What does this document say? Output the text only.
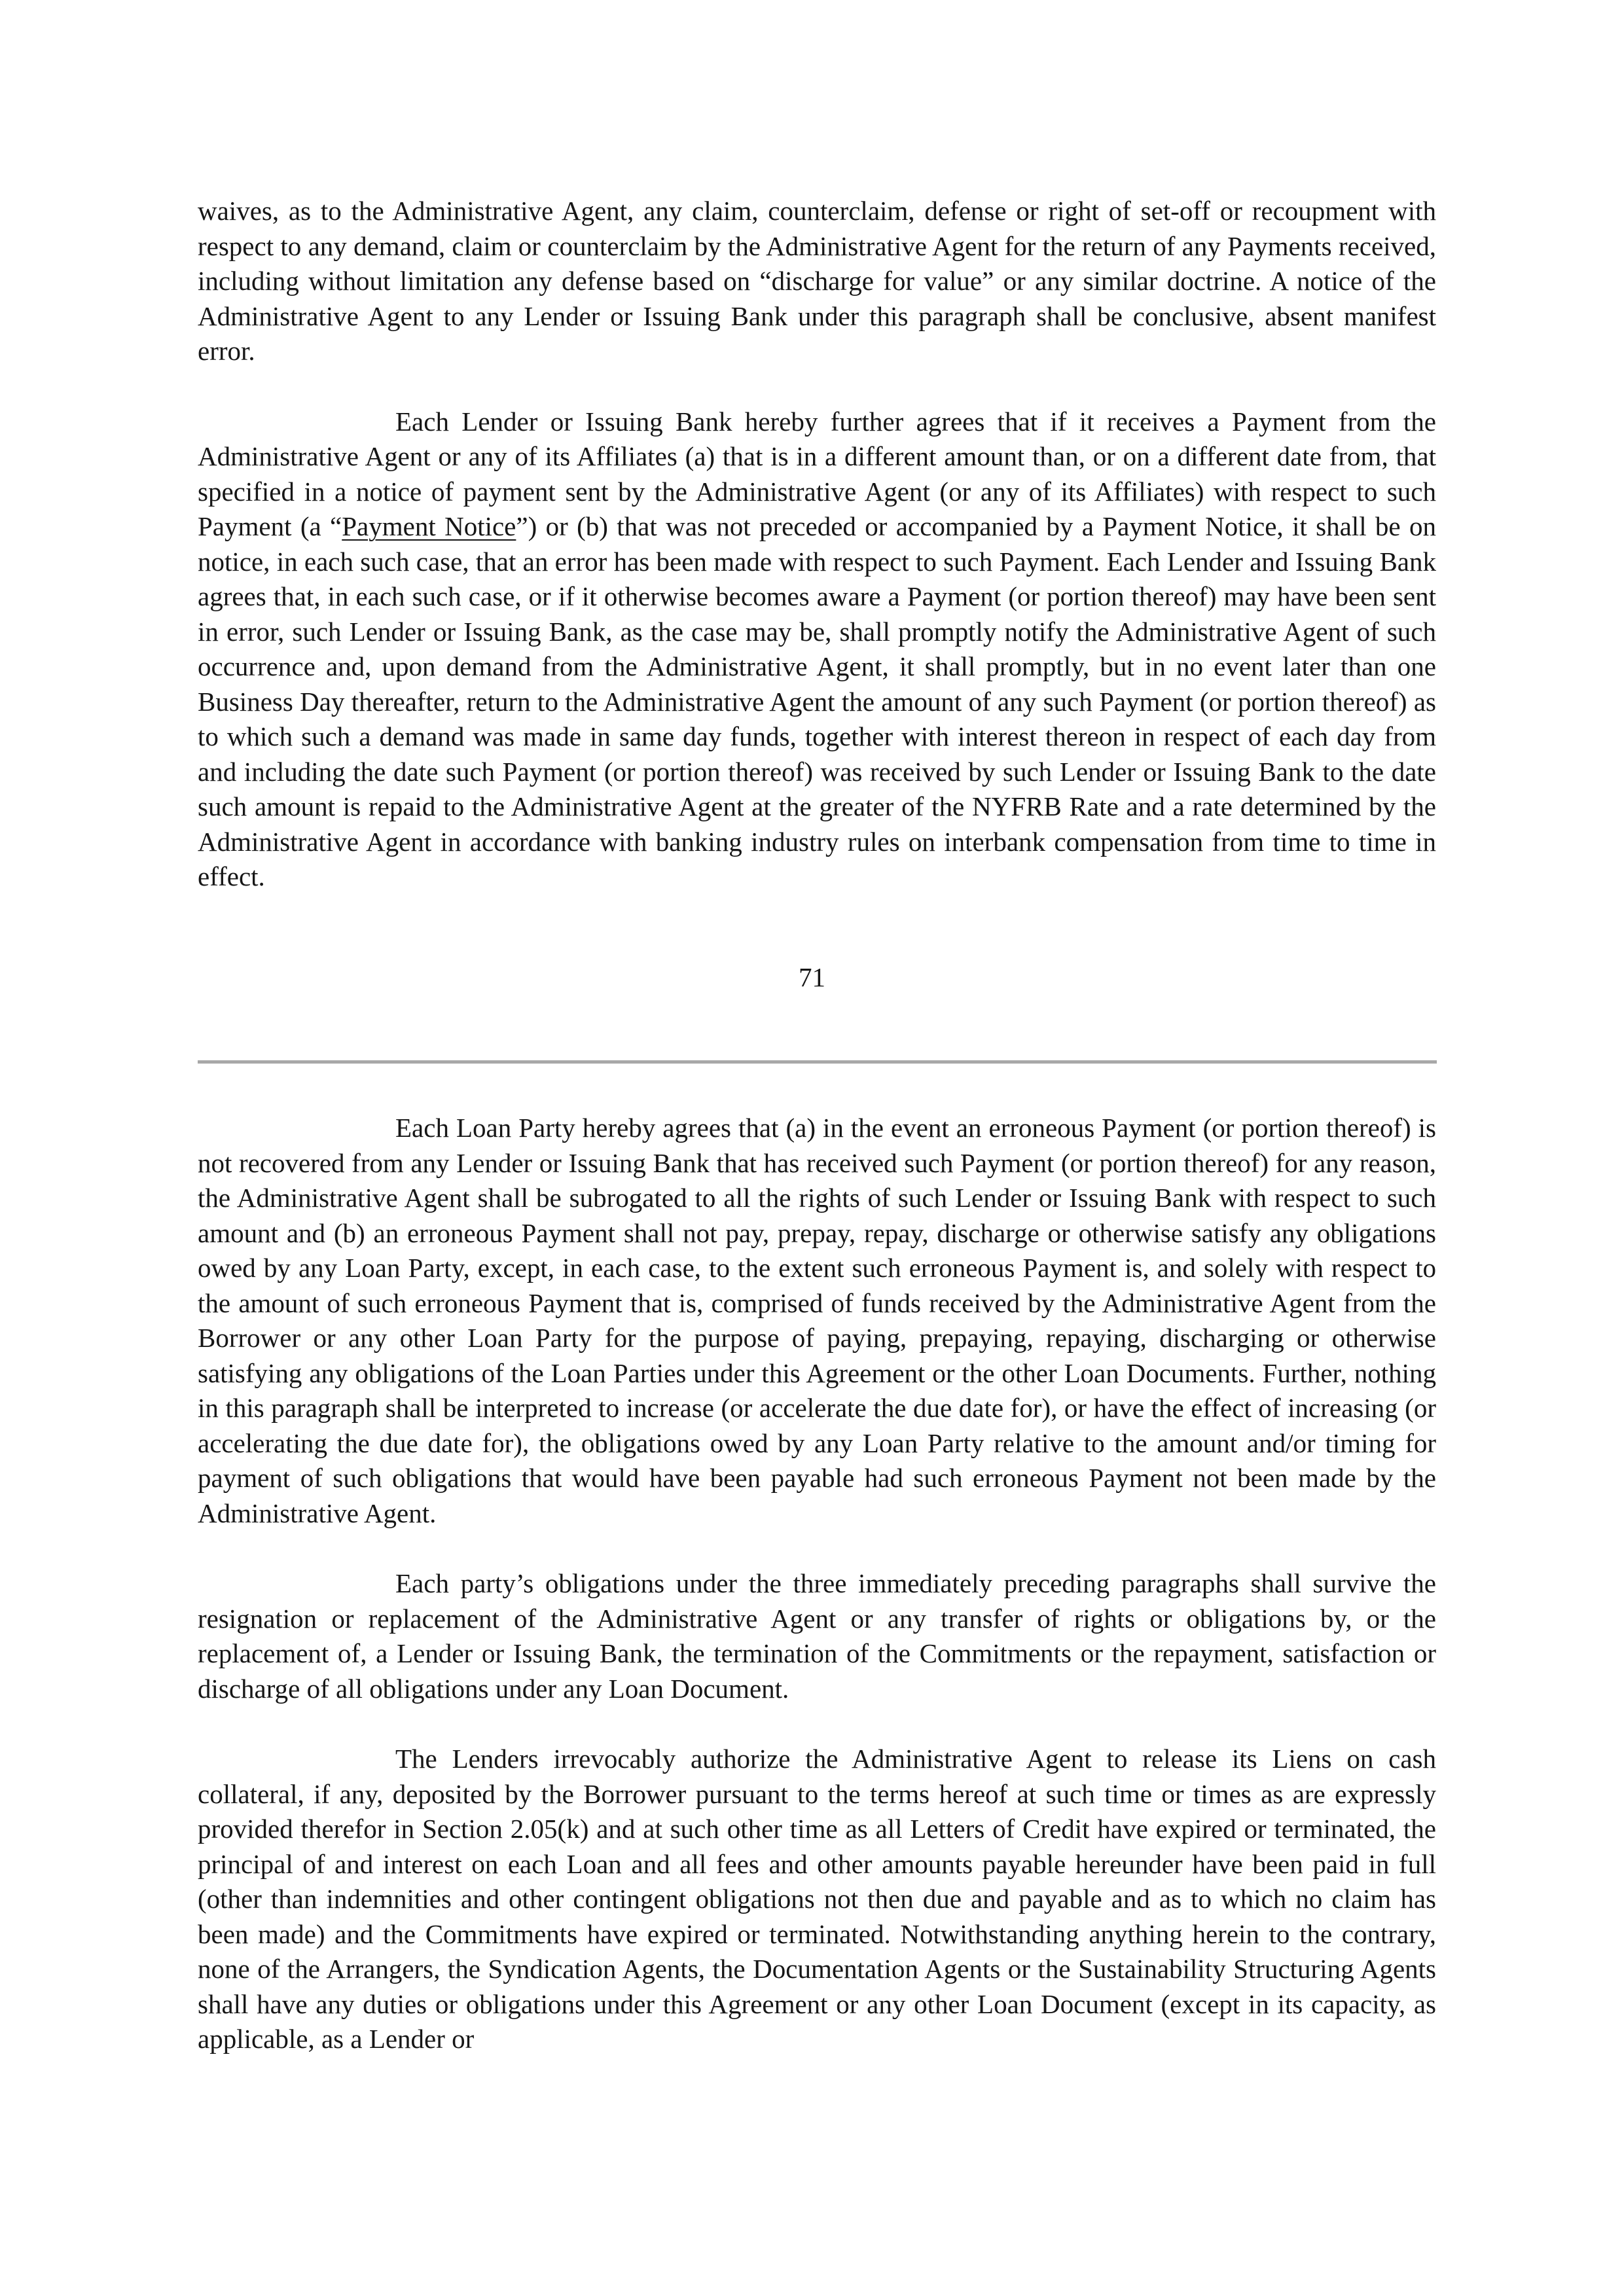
waives, as to the Administrative Agent, any claim, counterclaim, defense or right of set-off or recoupment with respect to any demand, claim or counterclaim by the Administrative Agent for the return of any Payments received, including without limitation any defense based on “discharge for value” or any similar doctrine. A notice of the Administrative Agent to any Lender or Issuing Bank under this paragraph shall be conclusive, absent manifest error.

Each Lender or Issuing Bank hereby further agrees that if it receives a Payment from the Administrative Agent or any of its Affiliates (a) that is in a different amount than, or on a different date from, that specified in a notice of payment sent by the Administrative Agent (or any of its Affiliates) with respect to such Payment (a “Payment Notice”) or (b) that was not preceded or accompanied by a Payment Notice, it shall be on notice, in each such case, that an error has been made with respect to such Payment. Each Lender and Issuing Bank agrees that, in each such case, or if it otherwise becomes aware a Payment (or portion thereof) may have been sent in error, such Lender or Issuing Bank, as the case may be, shall promptly notify the Administrative Agent of such occurrence and, upon demand from the Administrative Agent, it shall promptly, but in no event later than one Business Day thereafter, return to the Administrative Agent the amount of any such Payment (or portion thereof) as to which such a demand was made in same day funds, together with interest thereon in respect of each day from and including the date such Payment (or portion thereof) was received by such Lender or Issuing Bank to the date such amount is repaid to the Administrative Agent at the greater of the NYFRB Rate and a rate determined by the Administrative Agent in accordance with banking industry rules on interbank compensation from time to time in effect.

71

Each Loan Party hereby agrees that (a) in the event an erroneous Payment (or portion thereof) is not recovered from any Lender or Issuing Bank that has received such Payment (or portion thereof) for any reason, the Administrative Agent shall be subrogated to all the rights of such Lender or Issuing Bank with respect to such amount and (b) an erroneous Payment shall not pay, prepay, repay, discharge or otherwise satisfy any obligations owed by any Loan Party, except, in each case, to the extent such erroneous Payment is, and solely with respect to the amount of such erroneous Payment that is, comprised of funds received by the Administrative Agent from the Borrower or any other Loan Party for the purpose of paying, prepaying, repaying, discharging or otherwise satisfying any obligations of the Loan Parties under this Agreement or the other Loan Documents. Further, nothing in this paragraph shall be interpreted to increase (or accelerate the due date for), or have the effect of increasing (or accelerating the due date for), the obligations owed by any Loan Party relative to the amount and/or timing for payment of such obligations that would have been payable had such erroneous Payment not been made by the Administrative Agent.

Each party’s obligations under the three immediately preceding paragraphs shall survive the resignation or replacement of the Administrative Agent or any transfer of rights or obligations by, or the replacement of, a Lender or Issuing Bank, the termination of the Commitments or the repayment, satisfaction or discharge of all obligations under any Loan Document.

The Lenders irrevocably authorize the Administrative Agent to release its Liens on cash collateral, if any, deposited by the Borrower pursuant to the terms hereof at such time or times as are expressly provided therefor in Section 2.05(k) and at such other time as all Letters of Credit have expired or terminated, the principal of and interest on each Loan and all fees and other amounts payable hereunder have been paid in full (other than indemnities and other contingent obligations not then due and payable and as to which no claim has been made) and the Commitments have expired or terminated. Notwithstanding anything herein to the contrary, none of the Arrangers, the Syndication Agents, the Documentation Agents or the Sustainability Structuring Agents shall have any duties or obligations under this Agreement or any other Loan Document (except in its capacity, as applicable, as a Lender or
